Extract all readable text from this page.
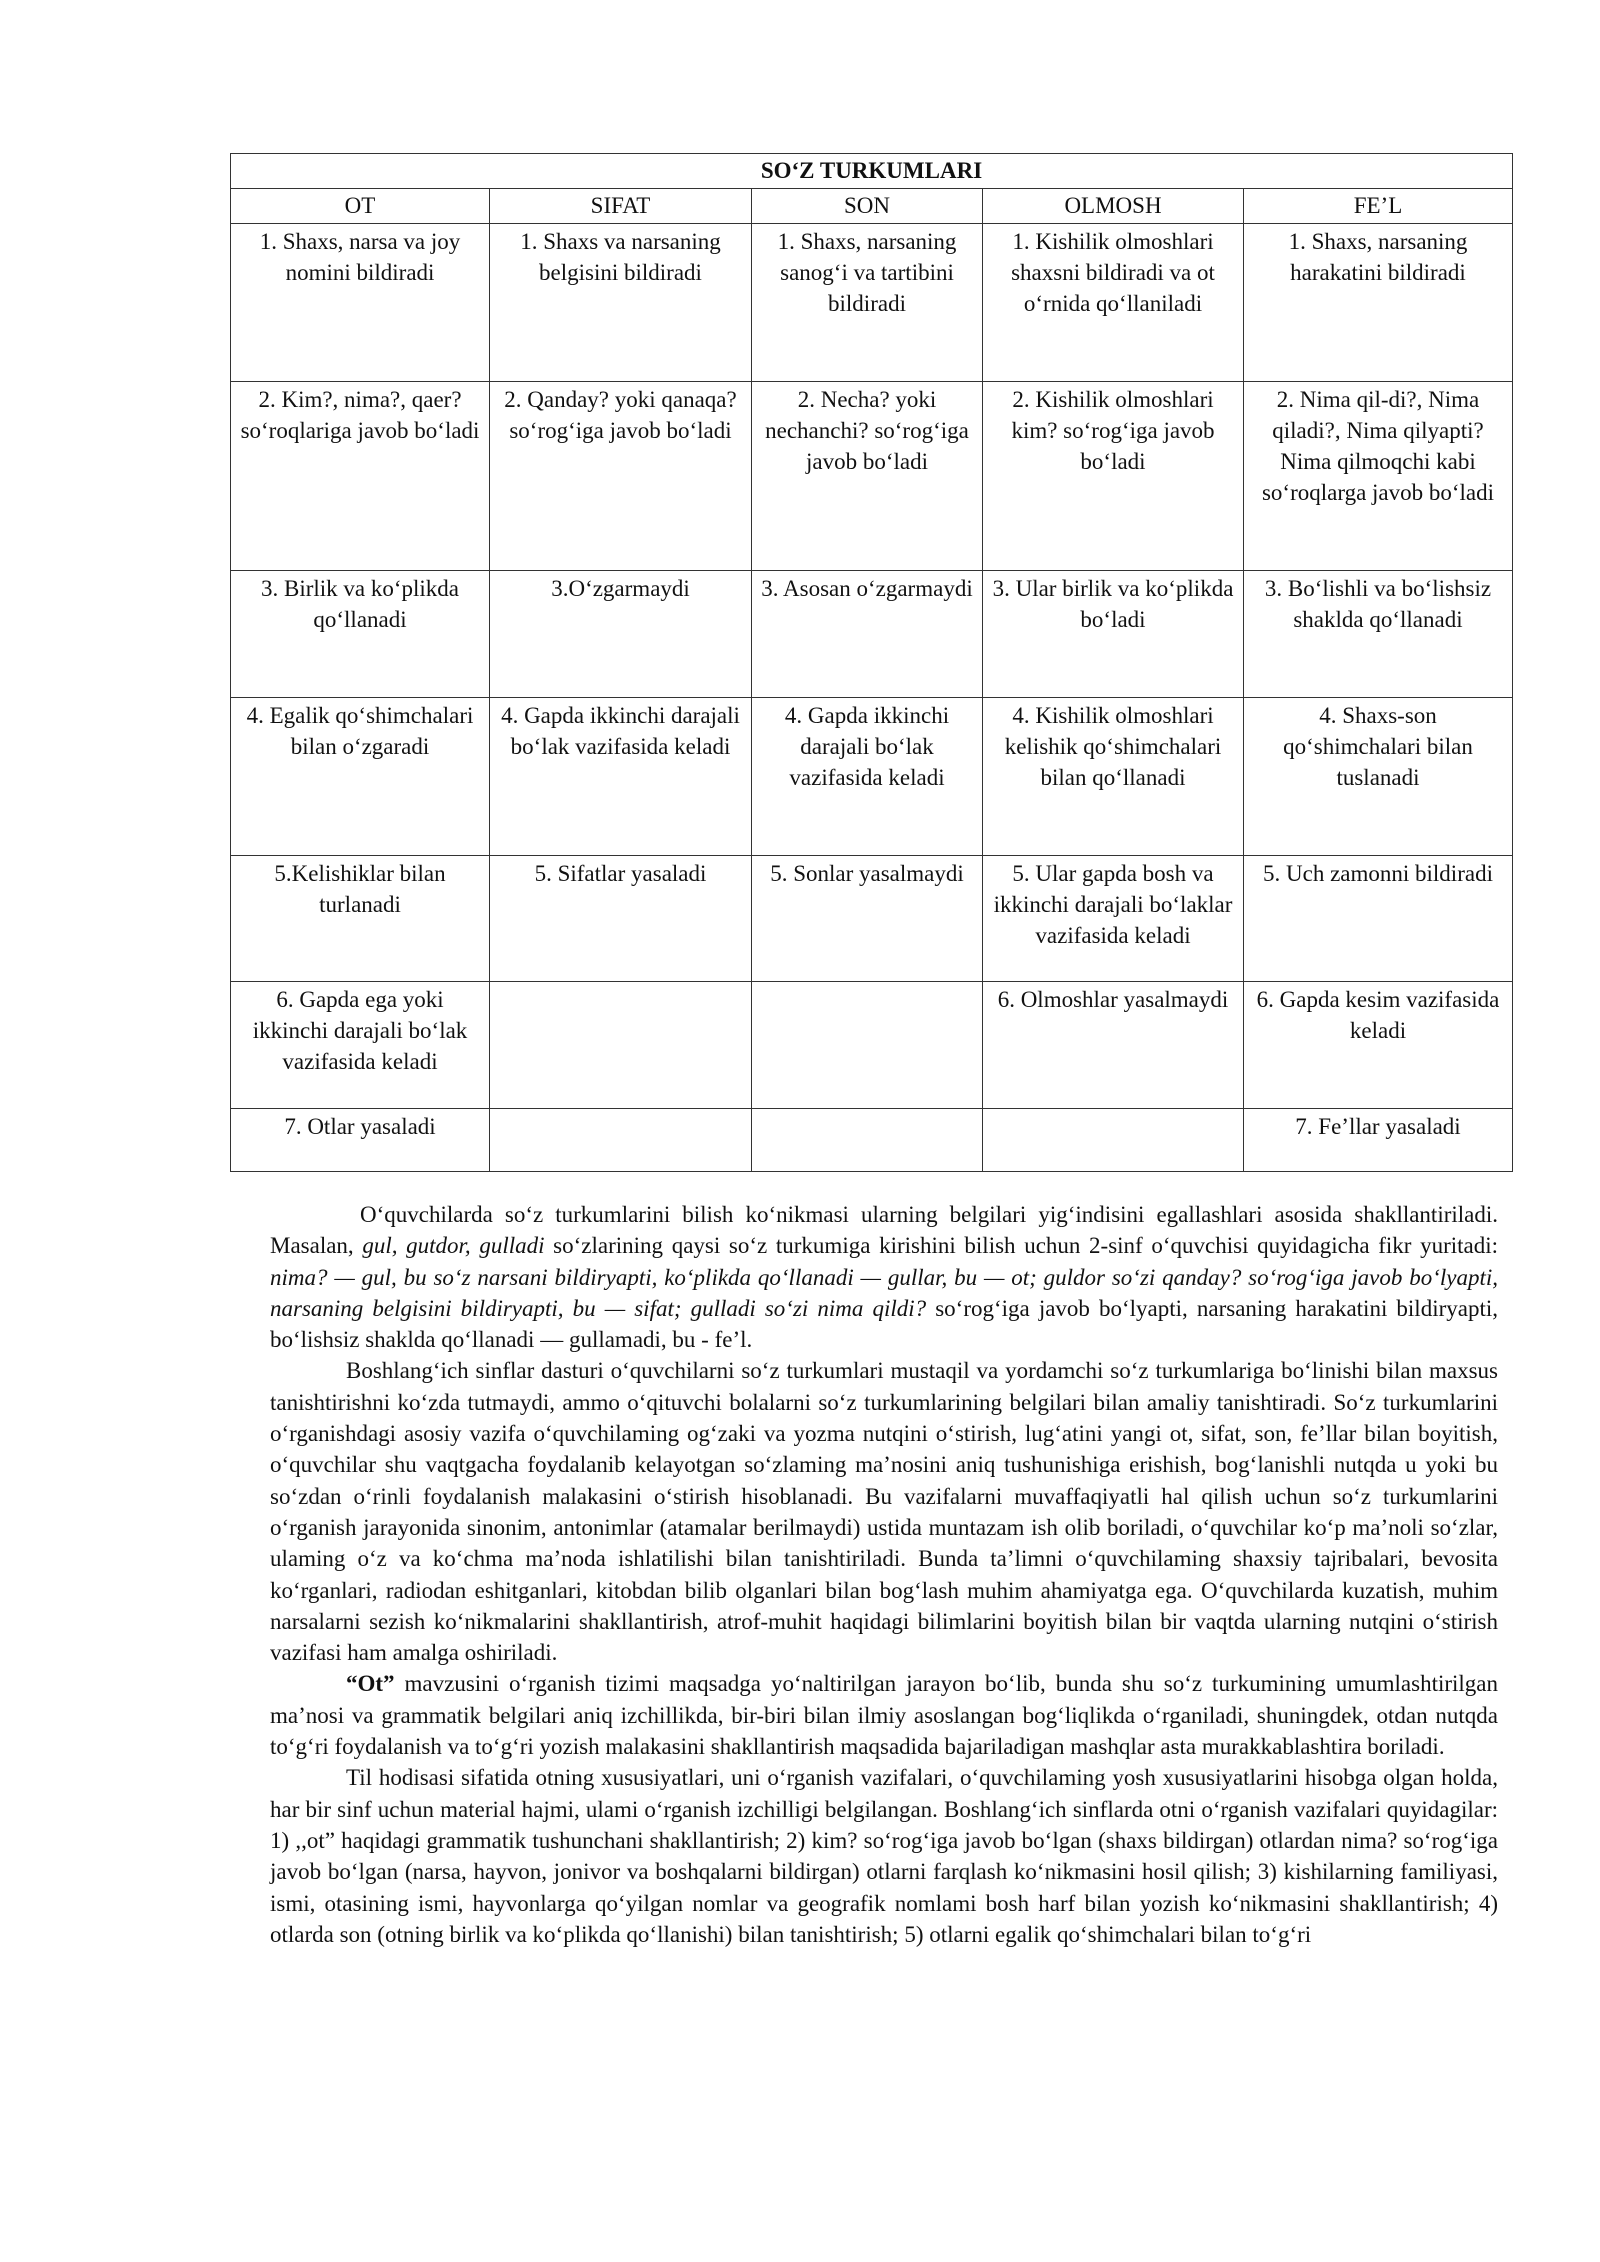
SO‘Z TURKUMLARI				
OT	SIFAT	SON	OLMOSH	FE’L
1. Shaxs, narsa va joy nomini bildiradi	1. Shaxs va narsaning belgisini bildiradi	1. Shaxs, narsaning sanog‘i va tartibini bildiradi	1. Kishilik olmoshlari shaxsni bildiradi va ot o‘rnida qo‘llaniladi	1. Shaxs, narsaning harakatini bildiradi
2. Kim?, nima?, qaer? so‘roqlariga javob bo‘ladi	2. Qanday? yoki qanaqa? so‘rog‘iga javob bo‘ladi	2. Necha? yoki nechanchi? so‘rog‘iga javob bo‘ladi	2. Kishilik olmoshlari kim? so‘rog‘iga javob bo‘ladi	2. Nima qil-di?, Nima qiladi?, Nima qilyapti? Nima qilmoqchi kabi so‘roqlarga javob bo‘ladi
3. Birlik va ko‘plikda qo‘llanadi	3.O‘zgarmaydi	3. Asosan o‘zgarmaydi	3. Ular birlik va ko‘plikda bo‘ladi	3. Bo‘lishli va bo‘lishsiz shaklda qo‘llanadi
4. Egalik qo‘shimchalari bilan o‘zgaradi	4. Gapda ikkinchi darajali bo‘lak vazifasida keladi	4. Gapda ikkinchi darajali bo‘lak vazifasida keladi	4. Kishilik olmoshlari kelishik qo‘shimchalari bilan qo‘llanadi	4. Shaxs-son qo‘shimchalari bilan tuslanadi
5.Kelishiklar bilan turlanadi	5. Sifatlar yasaladi	5. Sonlar yasalmaydi	5. Ular gapda bosh va ikkinchi darajali bo‘laklar vazifasida keladi	5. Uch zamonni bildiradi
6. Gapda ega yoki ikkinchi darajali bo‘lak vazifasida keladi			6. Olmoshlar yasalmaydi	6. Gapda kesim vazifasida keladi
7. Otlar yasaladi				7. Fe’llar yasaladi

O‘quvchilarda so‘z turkumlarini bilish ko‘nikmasi ularning belgilari yig‘indisini egallashlari asosida shakllantiriladi. Masalan, gul, gutdor, gulladi so‘zlarining qaysi so‘z turkumiga kirishini bilish uchun 2-sinf o‘quvchisi quyidagicha fikr yuritadi: nima? — gul, bu so‘z narsani bildiryapti, ko‘plikda qo‘llanadi — gullar, bu — ot; guldor so‘zi qanday? so‘rog‘iga javob bo‘lyapti, narsaning belgisini bildiryapti, bu — sifat; gulladi so‘zi nima qildi? so‘rog‘iga javob bo‘lyapti, narsaning harakatini bildiryapti, bo‘lishsiz shaklda qo‘llanadi — gullamadi, bu - fe’l.

Boshlang‘ich sinflar dasturi o‘quvchilarni so‘z turkumlari mustaqil va yordamchi so‘z turkumlariga bo‘linishi bilan maxsus tanishtirishni ko‘zda tutmaydi, ammo o‘qituvchi bolalarni so‘z turkumlarining belgilari bilan amaliy tanishtiradi. So‘z turkumlarini o‘rganishdagi asosiy vazifa o‘quvchilaming og‘zaki va yozma nutqini o‘stirish, lug‘atini yangi ot, sifat, son, fe’llar bilan boyitish, o‘quvchilar shu vaqtgacha foydalanib kelayotgan so‘zlaming ma’nosini aniq tushunishiga erishish, bog‘lanishli nutqda u yoki bu so‘zdan o‘rinli foydalanish malakasini o‘stirish hisoblanadi. Bu vazifalarni muvaffaqiyatli hal qilish uchun so‘z turkumlarini o‘rganish jarayonida sinonim, antonimlar (atamalar berilmaydi) ustida muntazam ish olib boriladi, o‘quvchilar ko‘p ma’noli so‘zlar, ulaming o‘z va ko‘chma ma’noda ishlatilishi bilan tanishtiriladi. Bunda ta’limni o‘quvchilaming shaxsiy tajribalari, bevosita ko‘rganlari, radiodan eshitganlari, kitobdan bilib olganlari bilan bog‘lash muhim ahamiyatga ega. O‘quvchilarda kuzatish, muhim narsalarni sezish ko‘nikmalarini shakllantirish, atrof-muhit haqidagi bilimlarini boyitish bilan bir vaqtda ularning nutqini o‘stirish vazifasi ham amalga oshiriladi.

“Ot” mavzusini o‘rganish tizimi maqsadga yo‘naltirilgan jarayon bo‘lib, bunda shu so‘z turkumining umumlashtirilgan ma’nosi va grammatik belgilari aniq izchillikda, bir-biri bilan ilmiy asoslangan bog‘liqlikda o‘rganiladi, shuningdek, otdan nutqda to‘g‘ri foydalanish va to‘g‘ri yozish malakasini shakllantirish maqsadida bajariladigan mashqlar asta murakkablashtira boriladi.

Til hodisasi sifatida otning xususiyatlari, uni o‘rganish vazifalari, o‘quvchilaming yosh xususiyatlarini hisobga olgan holda, har bir sinf uchun material hajmi, ulami o‘rganish izchilligi belgilangan. Boshlang‘ich sinflarda otni o‘rganish vazifalari quyidagilar: 1) ,,ot” haqidagi grammatik tushunchani shakllantirish; 2) kim? so‘rog‘iga javob bo‘lgan (shaxs bildirgan) otlardan nima? so‘rog‘iga javob bo‘lgan (narsa, hayvon, jonivor va boshqalarni bildirgan) otlarni farqlash ko‘nikmasini hosil qilish; 3) kishilarning familiyasi, ismi, otasining ismi, hayvonlarga qo‘yilgan nomlar va geografik nomlami bosh harf bilan yozish ko‘nikmasini shakllantirish; 4) otlarda son (otning birlik va ko‘plikda qo‘llanishi) bilan tanishtirish; 5) otlarni egalik qo‘shimchalari bilan to‘g‘ri
